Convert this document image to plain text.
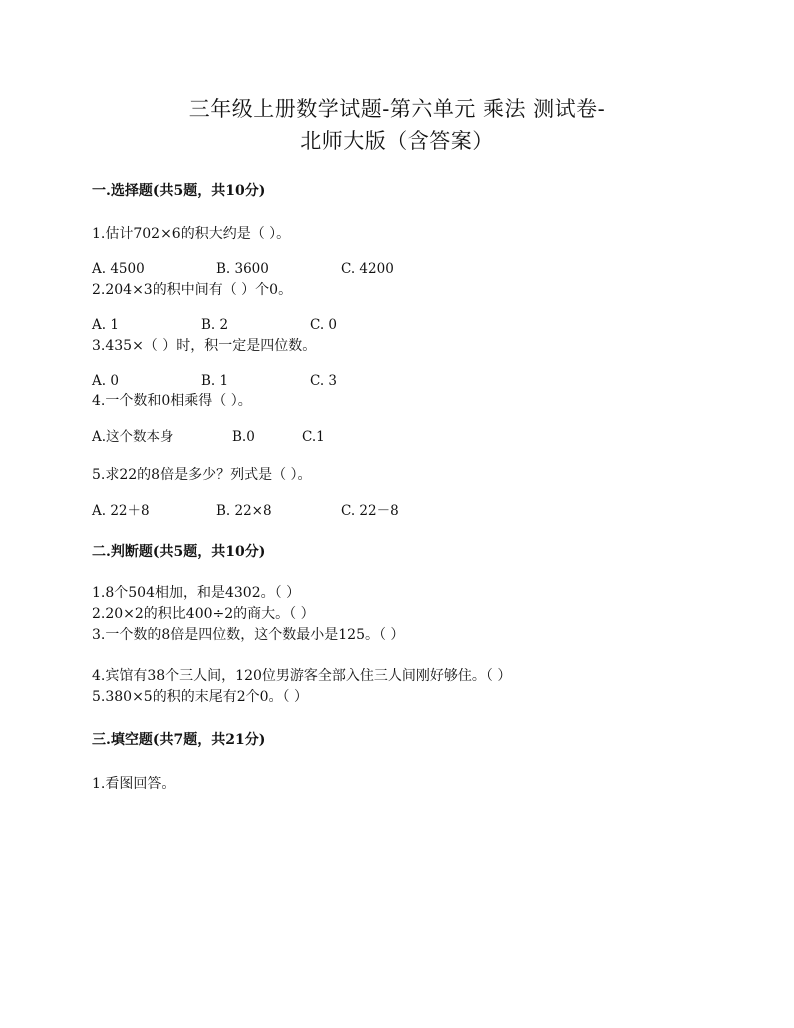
三年级上册数学试题-第六单元 乘法 测试卷-
北师大版（含答案）
一.选择题(共5题，共10分)
1.估计702×6的积大约是（ ）。
A. 4500	B. 3600	C. 4200
2.204×3的积中间有（ ）个0。
A. 1	B. 2	C. 0
3.435×（ ）时，积一定是四位数。
A. 0	B. 1	C. 3
4.一个数和0相乘得（ ）。
A.这个数本身	B.0	C.1
5.求22的8倍是多少？列式是（ ）。
A. 22＋8	B. 22×8	C. 22－8
二.判断题(共5题，共10分)
1.8个504相加，和是4302。（ ）
2.20×2的积比400÷2的商大。（ ）
3.一个数的8倍是四位数，这个数最小是125。（ ）
4.宾馆有38个三人间，120位男游客全部入住三人间刚好够住。（ ）
5.380×5的积的末尾有2个0。（ ）
三.填空题(共7题，共21分)
1.看图回答。
